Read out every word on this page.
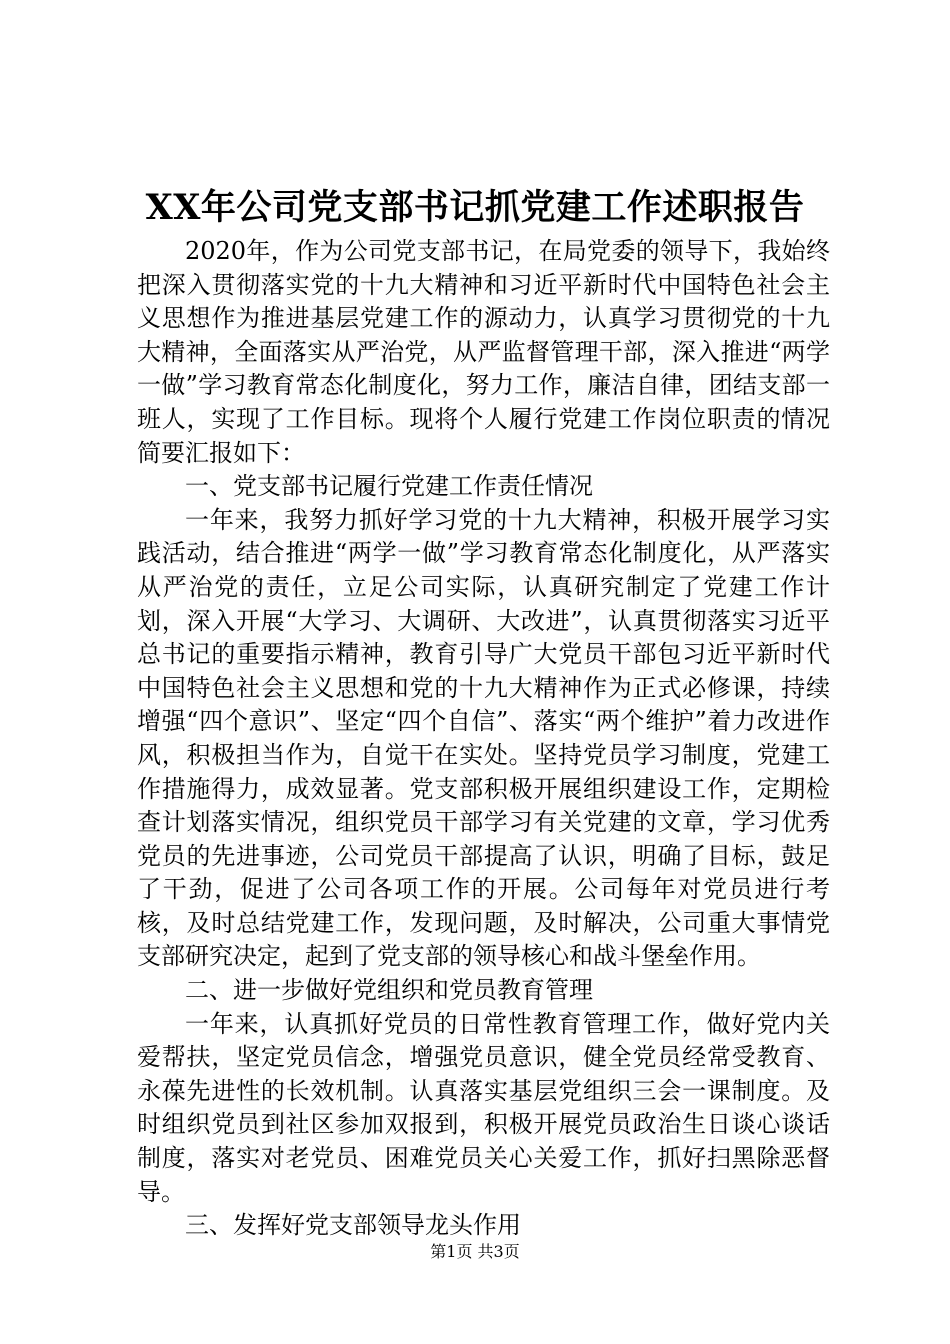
XX年公司党支部书记抓党建工作述职报告

2020年，作为公司党支部书记，在局党委的领导下，我始终把深入贯彻落实党的十九大精神和习近平新时代中国特色社会主义思想作为推进基层党建工作的源动力，认真学习贯彻党的十九大精神，全面落实从严治党，从严监督管理干部，深入推进“两学一做”学习教育常态化制度化，努力工作，廉洁自律，团结支部一班人，实现了工作目标。现将个人履行党建工作岗位职责的情况简要汇报如下：

一、党支部书记履行党建工作责任情况

一年来，我努力抓好学习党的十九大精神，积极开展学习实践活动，结合推进“两学一做”学习教育常态化制度化，从严落实从严治党的责任，立足公司实际，认真研究制定了党建工作计划，深入开展“大学习、大调研、大改进”，认真贯彻落实习近平总书记的重要指示精神，教育引导广大党员干部包习近平新时代中国特色社会主义思想和党的十九大精神作为正式必修课，持续增强“四个意识”、坚定“四个自信”、落实“两个维护”着力改进作风，积极担当作为，自觉干在实处。坚持党员学习制度，党建工作措施得力，成效显著。党支部积极开展组织建设工作，定期检查计划落实情况，组织党员干部学习有关党建的文章，学习优秀党员的先进事迹，公司党员干部提高了认识，明确了目标，鼓足了干劲，促进了公司各项工作的开展。公司每年对党员进行考核，及时总结党建工作，发现问题，及时解决，公司重大事情党支部研究决定，起到了党支部的领导核心和战斗堡垒作用。

二、进一步做好党组织和党员教育管理

一年来，认真抓好党员的日常性教育管理工作，做好党内关爱帮扶，坚定党员信念，增强党员意识，健全党员经常受教育、永葆先进性的长效机制。认真落实基层党组织三会一课制度。及时组织党员到社区参加双报到，积极开展党员政治生日谈心谈话制度，落实对老党员、困难党员关心关爱工作，抓好扫黑除恶督导。

三、发挥好党支部领导龙头作用

第1页 共3页
